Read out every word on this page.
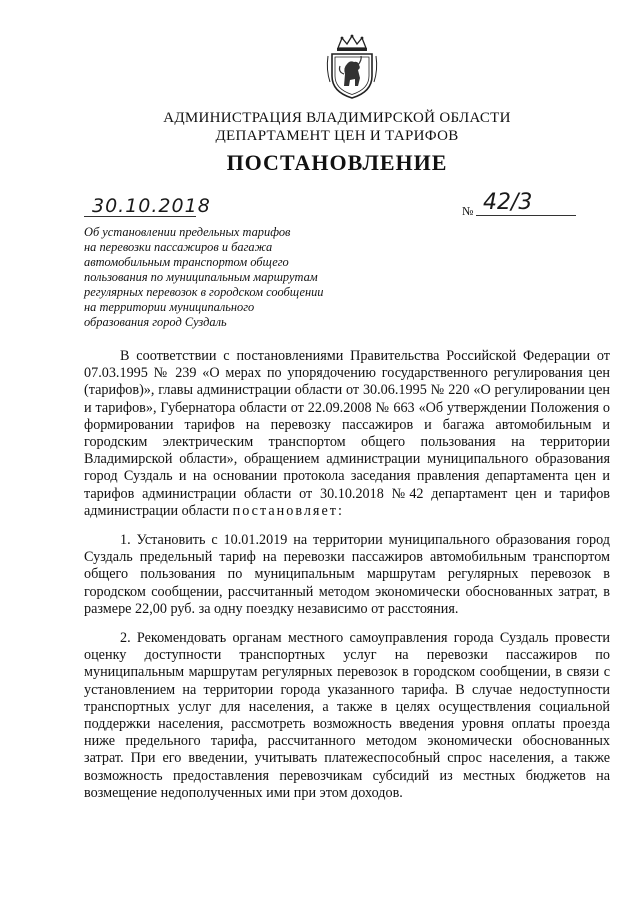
АДМИНИСТРАЦИЯ ВЛАДИМИРСКОЙ ОБЛАСТИ
ДЕПАРТАМЕНТ ЦЕН И ТАРИФОВ
ПОСТАНОВЛЕНИЕ
30.10.2018	№ 42/3
Об установлении предельных тарифов
на перевозки пассажиров и багажа
автомобильным транспортом общего
пользования по муниципальным маршрутам
регулярных перевозок в городском сообщении
на территории муниципального
образования город Суздаль

В соответствии с постановлениями Правительства Российской Федерации от 07.03.1995 № 239 «О мерах по упорядочению государственного регулирования цен (тарифов)», главы администрации области от 30.06.1995 № 220 «О регулировании цен и тарифов», Губернатора области от 22.09.2008 № 663 «Об утверждении Положения о формировании тарифов на перевозку пассажиров и багажа автомобильным и городским электрическим транспортом общего пользования на территории Владимирской области», обращением администрации муниципального образования город Суздаль и на основании протокола заседания правления департамента цен и тарифов администрации области от 30.10.2018 №42 департамент цен и тарифов администрации области постановляет:

1. Установить с 10.01.2019 на территории муниципального образования город Суздаль предельный тариф на перевозки пассажиров автомобильным транспортом общего пользования по муниципальным маршрутам регулярных перевозок в городском сообщении, рассчитанный методом экономически обоснованных затрат, в размере 22,00 руб. за одну поездку независимо от расстояния.

2. Рекомендовать органам местного самоуправления города Суздаль провести оценку доступности транспортных услуг на перевозки пассажиров по муниципальным маршрутам регулярных перевозок в городском сообщении, в связи с установлением на территории города указанного тарифа. В случае недоступности транспортных услуг для населения, а также в целях осуществления социальной поддержки населения, рассмотреть возможность введения уровня оплаты проезда ниже предельного тарифа, рассчитанного методом экономически обоснованных затрат. При его введении, учитывать платежеспособный спрос населения, а также возможность предоставления перевозчикам субсидий из местных бюджетов на возмещение недополученных ими при этом доходов.
